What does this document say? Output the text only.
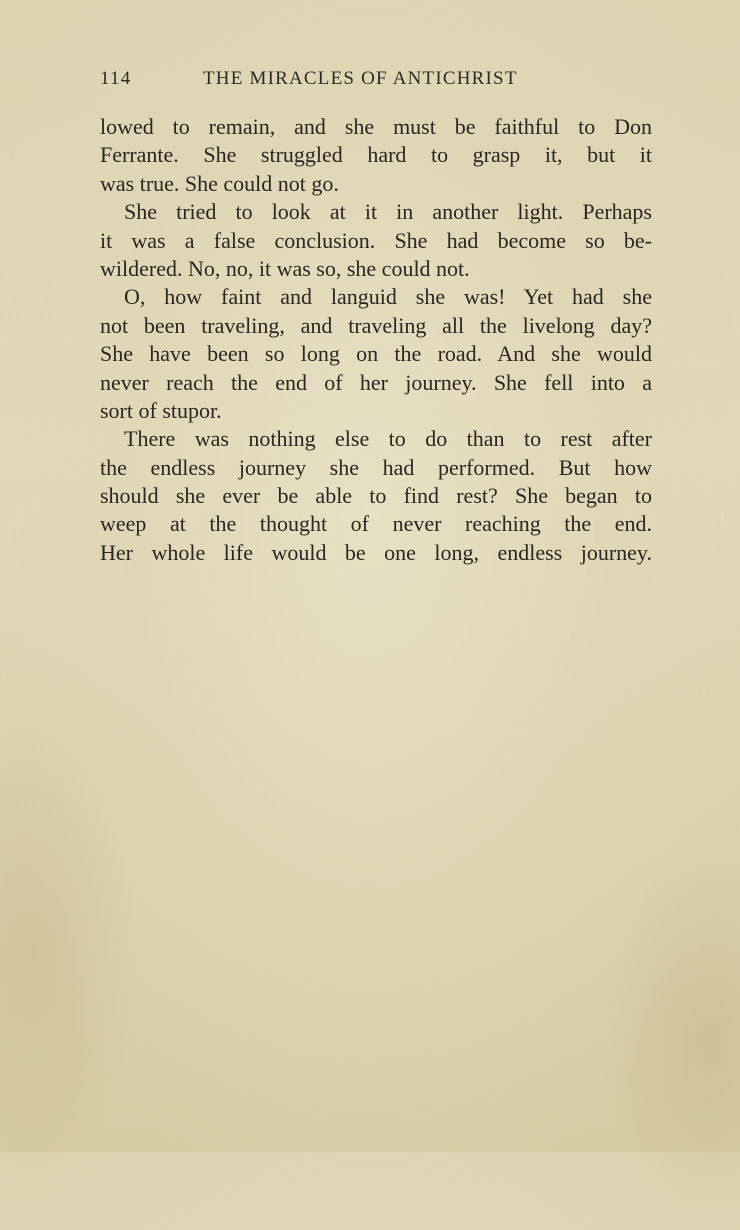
114	THE MIRACLES OF ANTICHRIST
lowed to remain, and she must be faithful to Don
Ferrante. She struggled hard to grasp it, but it
was true. She could not go.
She tried to look at it in another light. Perhaps
it was a false conclusion. She had become so be-
wildered. No, no, it was so, she could not.
O, how faint and languid she was! Yet had she
not been traveling, and traveling all the livelong day?
She have been so long on the road. And she would
never reach the end of her journey. She fell into a
sort of stupor.
There was nothing else to do than to rest after
the endless journey she had performed. But how
should she ever be able to find rest? She began to
weep at the thought of never reaching the end.
Her whole life would be one long, endless journey.
